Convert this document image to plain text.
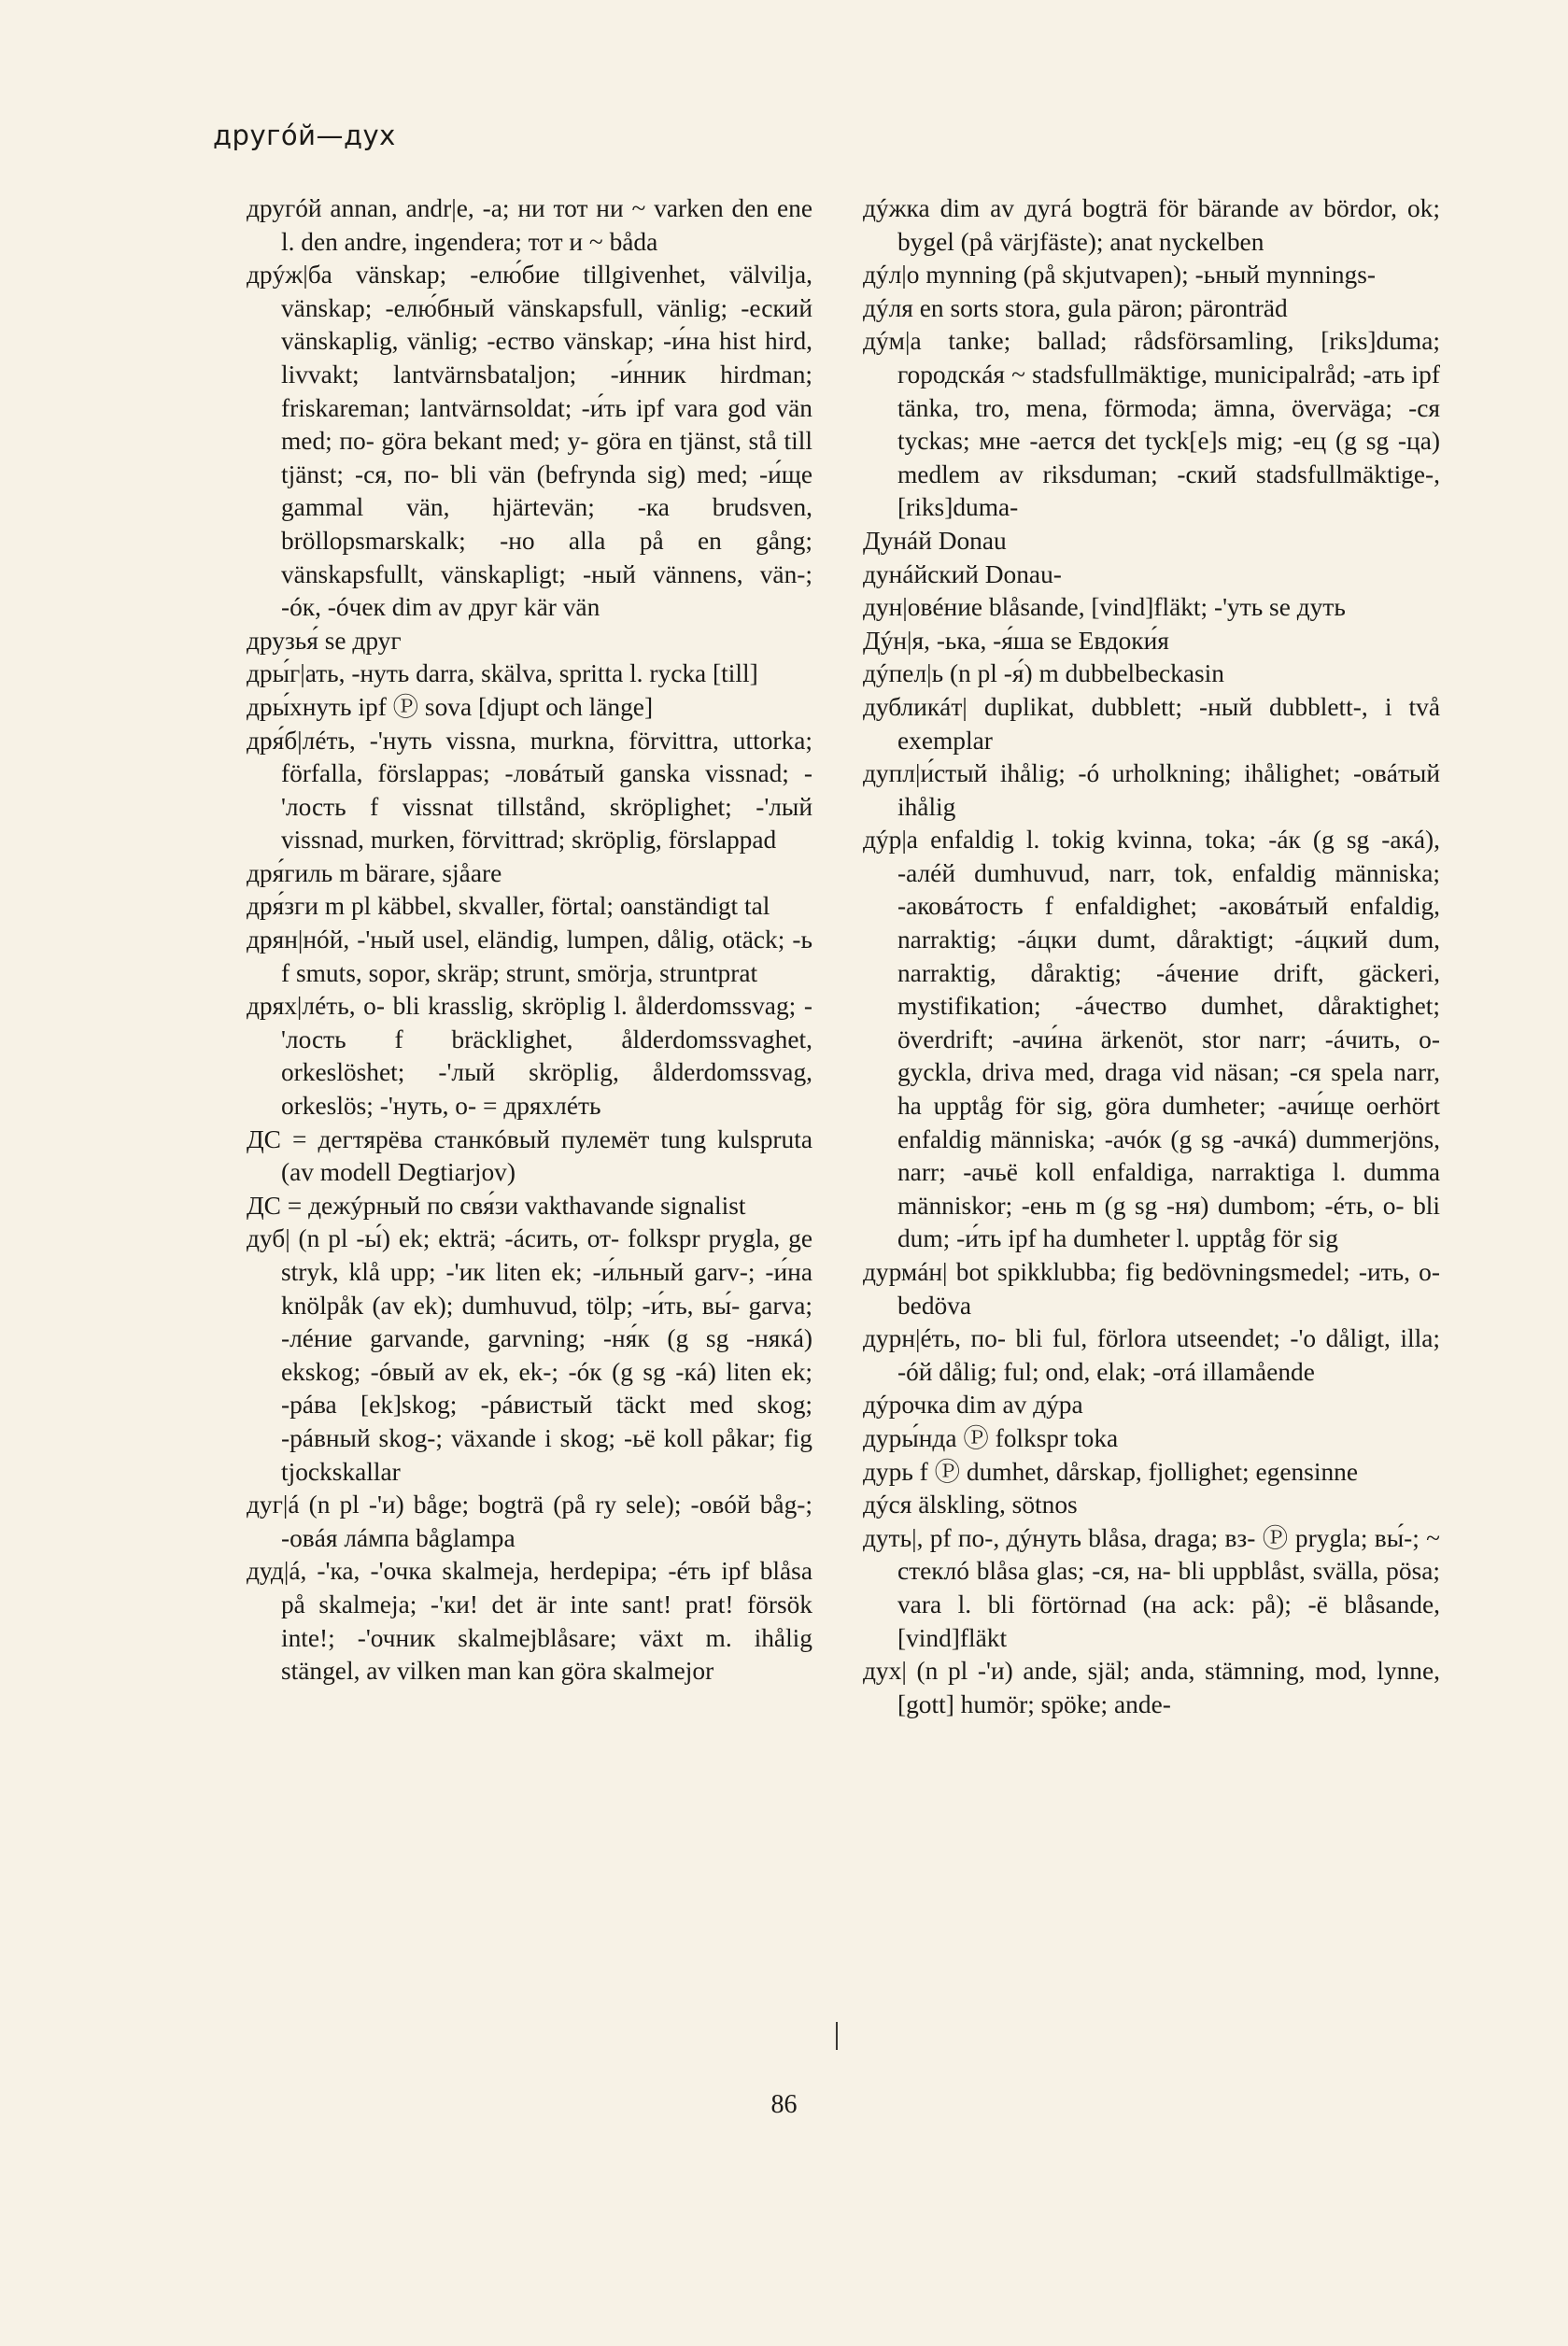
другóй—дух

другóй annan, andr|e, -a; ни тот ни ~ varken den ene l. den andre, ingendera; тот и ~ båda

дрýж|ба vänskap; -елю́бие tillgivenhet, välvilja, vänskap; -елю́бный vänskapsfull, vänlig; -еский vänskaplig, vänlig; -ество vänskap; -и́на hist hird, livvakt; lantvärnsbataljon; -и́нник hirdman; friskareman; lantvärnsoldat; -и́ть ipf vara god vän med; по- göra bekant med; у- göra en tjänst, stå till tjänst; -ся, по- bli vän (befrynda sig) med; -и́ще gammal vän, hjärtevän; -ка brudsven, bröllopsmarskalk; -но alla på en gång; vänskapsfullt, vänskapligt; -ный vännens, vän-; -óк, -óчек dim av друг kär vän

друзья́ se друг

дры́г|ать, -нуть darra, skälva, spritta l. rycka [till]

дры́хнуть ipf Ⓟ sova [djupt och länge]

дря́б|лéть, -'нуть vissna, murkna, förvittra, uttorka; förfalla, förslappas; -ловáтый ganska vissnad; -'лость f vissnat tillstånd, skröplighet; -'лый vissnad, murken, förvittrad; skröplig, förslappad

дря́гиль m bärare, sjåare

дря́зги m pl käbbel, skvaller, förtal; oanständigt tal

дрян|нóй, -'ный usel, eländig, lumpen, dålig, otäck; -ь f smuts, sopor, skräp; strunt, smörja, struntprat

дрях|лéть, о- bli krasslig, skröplig l. ålderdomssvag; -'лость f bräcklighet, ålderdomssvaghet, orkeslöshet; -'лый skröplig, ålderdomssvag, orkeslös; -'нуть, о- = дряхлéть

ДС = дегтярёва станкóвый пулемёт tung kulspruta (av modell Degtiarjov)

ДС = дежýрный по свя́зи vakthavande signalist

дуб| (n pl -ы́) ek; ekträ; -áсить, от- folkspr prygla, ge stryk, klå upp; -'ик liten ek; -и́льный garv-; -и́на knölpåk (av ek); dumhuvud, tölp; -и́ть, вы́- garva; -лéние garvande, garvning; -ня́к (g sg -някá) ekskog; -óвый av ek, ek-; -óк (g sg -кá) liten ek; -рáва [ek]skog; -рáвистый täckt med skog; -рáвный skog-; växande i skog; -ьё koll påkar; fig tjockskallar

дуг|á (n pl -'и) båge; bogträ (på ry sele); -овóй båg-; -овáя лáмпа båglampa

дуд|á, -'ка, -'очка skalmeja, herdepipa; -éть ipf blåsa på skalmeja; -'ки! det är inte sant! prat! försök inte!; -'очник skalmejblåsare; växt m. ihålig stängel, av vilken man kan göra skalmejor

дýжка dim av дугá bogträ för bärande av bördor, ok; bygel (på värjfäste); anat nyckelben

дýл|о mynning (på skjutvapen); -ьный mynnings-

дýля en sorts stora, gula päron; päronträd

дýм|а tanke; ballad; rådsförsamling, [riks]duma; городскáя ~ stadsfullmäktige, municipalråd; -ать ipf tänka, tro, mena, förmoda; ämna, överväga; -ся tyckas; мне -ается det tyck[e]s mig; -ец (g sg -ца) medlem av riksduman; -ский stadsfullmäktige-, [riks]duma-

Дунáй Donau

дунáйский Donau-

дун|овéние blåsande, [vind]fläkt; -'уть se дуть

Дýн|я, -ька, -я́ша se Евдоки́я

дýпел|ь (n pl -я́) m dubbelbeckasin

дубликáт| duplikat, dubblett; -ный dubblett-, i två exemplar

дупл|и́стый ihålig; -ó urholkning; ihålighet; -овáтый ihålig

дýр|а enfaldig l. tokig kvinna, toka; -áк (g sg -акá), -алéй dumhuvud, narr, tok, enfaldig människa; -аковáтость f enfaldighet; -аковáтый enfaldig, narraktig; -áцки dumt, dåraktigt; -áцкий dum, narraktig, dåraktig; -áчение drift, gäckeri, mystifikation; -áчество dumhet, dåraktighet; överdrift; -ачи́на ärkenöt, stor narr; -áчить, о- gyckla, driva med, draga vid näsan; -ся spela narr, ha upptåg för sig, göra dumheter; -ачи́ще oerhört enfaldig människa; -ачóк (g sg -ачкá) dummerjöns, narr; -ачьё koll enfaldiga, narraktiga l. dumma människor; -ень m (g sg -ня) dumbom; -éть, о- bli dum; -и́ть ipf ha dumheter l. upptåg för sig

дурмáн| bot spikklubba; fig bedövningsmedel; -ить, о- bedöva

дурн|éть, по- bli ful, förlora utseendet; -'о dåligt, illa; -óй dålig; ful; ond, elak; -отá illamående

дýрочка dim av дýра

дуры́нда Ⓟ folkspr toka

дурь f Ⓟ dumhet, dårskap, fjollighet; egensinne

дýся älskling, sötnos

дуть|, pf по-, дýнуть blåsa, draga; вз- Ⓟ prygla; вы́-; ~ стеклó blåsa glas; -ся, на- bli uppblåst, svälla, pösa; vara l. bli förtörnad (на ack: på); -ё blåsande, [vind]fläkt

дух| (n pl -'и) ande, själ; anda, stämning, mod, lynne, [gott] humör; spöke; ande-

86
